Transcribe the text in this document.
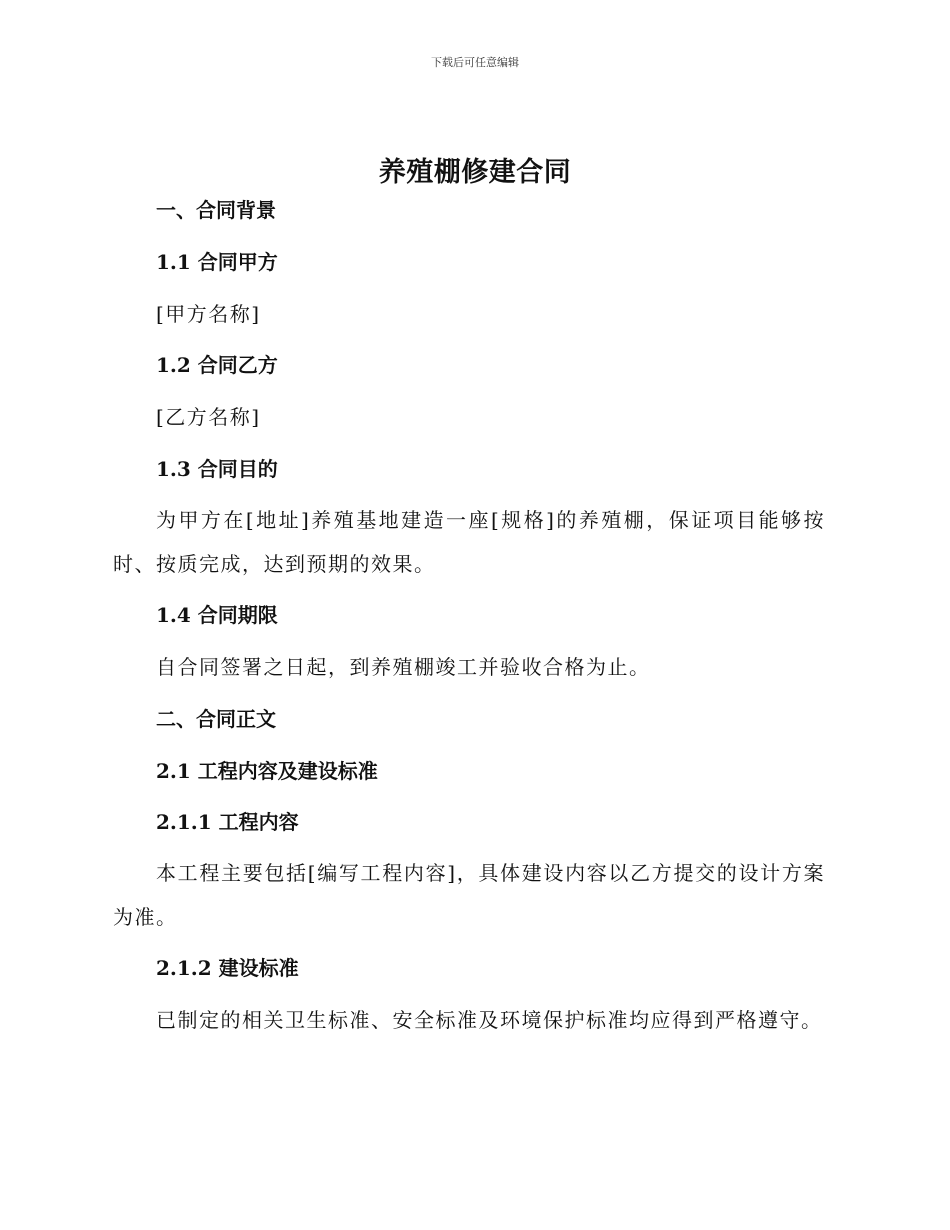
下载后可任意编辑
养殖棚修建合同
一、合同背景
1.1 合同甲方
[甲方名称]
1.2 合同乙方
[乙方名称]
1.3 合同目的
为甲方在[地址]养殖基地建造一座[规格]的养殖棚，保证项目能够按时、按质完成，达到预期的效果。
1.4 合同期限
自合同签署之日起，到养殖棚竣工并验收合格为止。
二、合同正文
2.1 工程内容及建设标准
2.1.1 工程内容
本工程主要包括[编写工程内容]，具体建设内容以乙方提交的设计方案为准。
2.1.2 建设标准
已制定的相关卫生标准、安全标准及环境保护标准均应得到严格遵守。
